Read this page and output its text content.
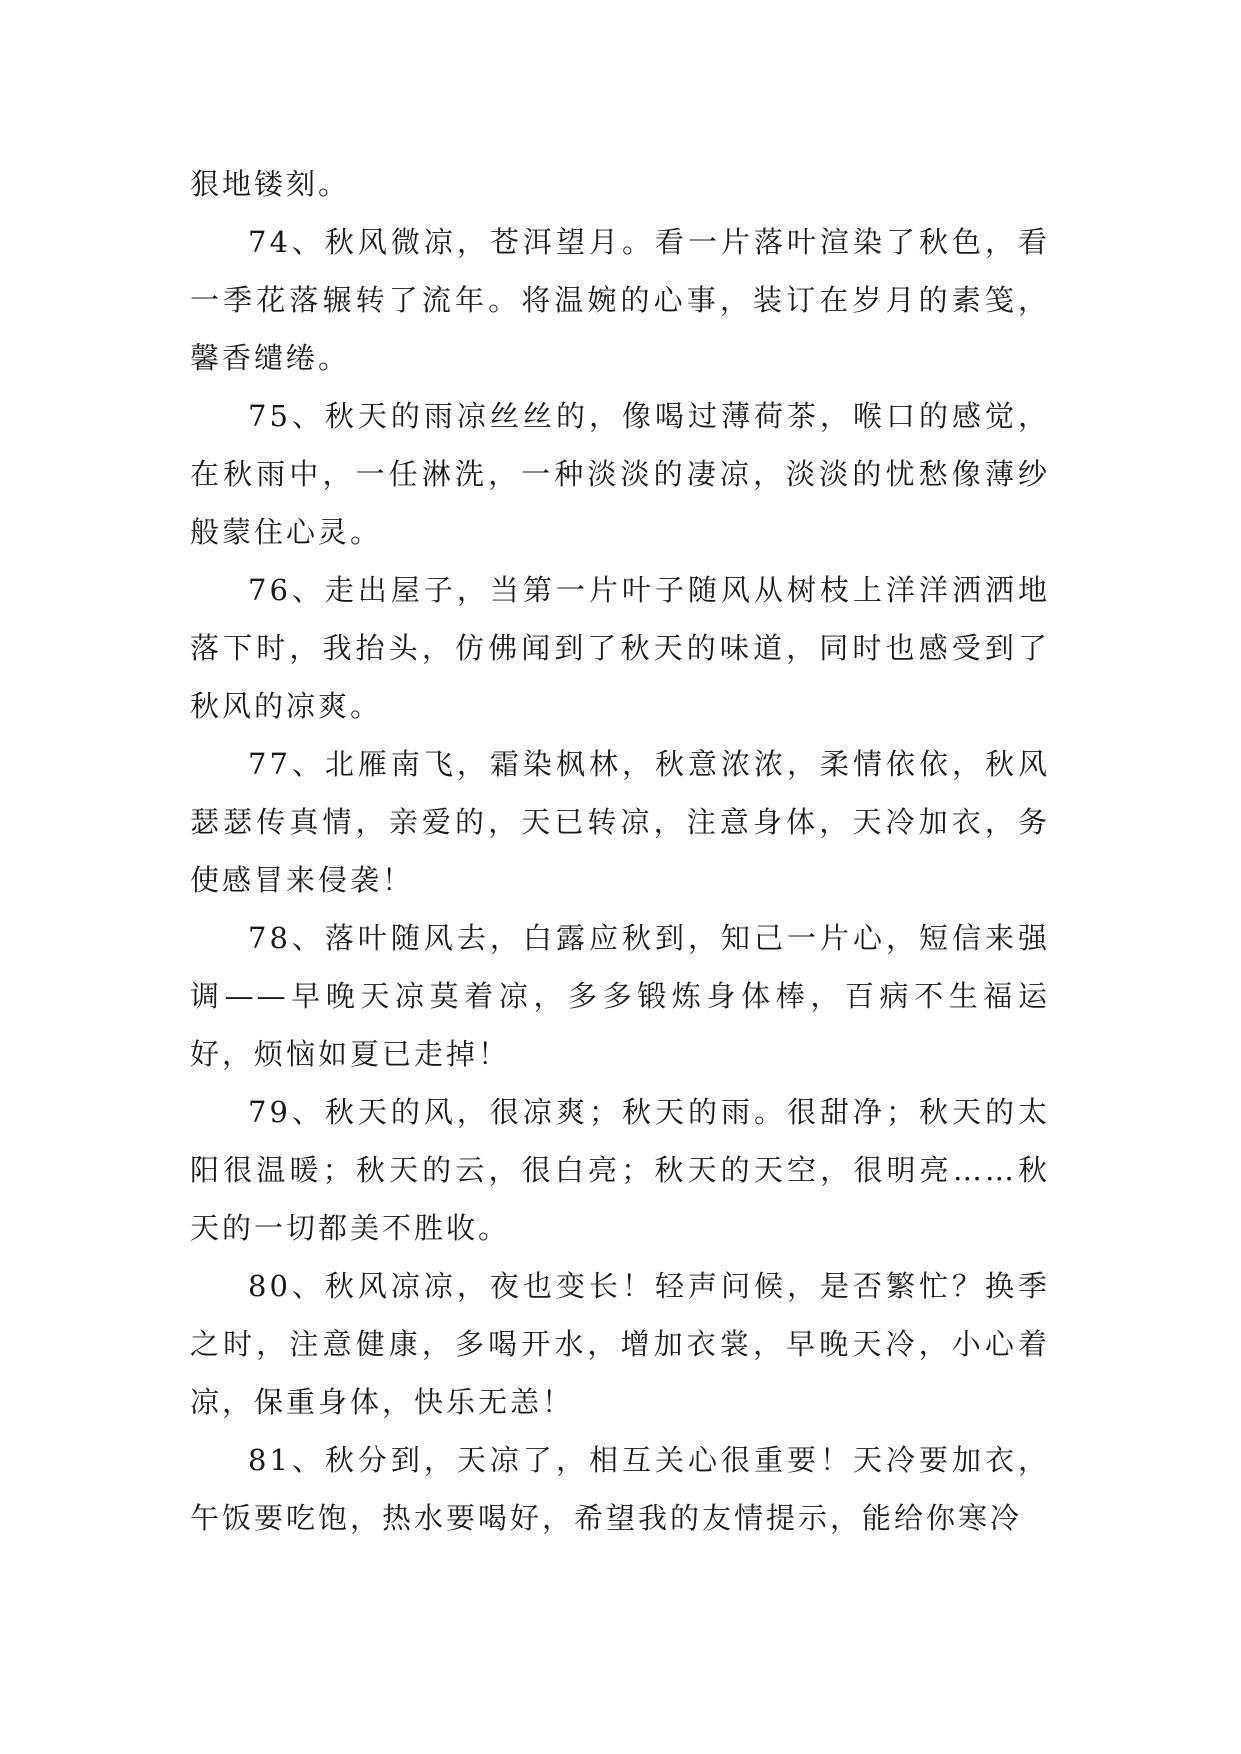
狠地镂刻。

74、秋风微凉，苍洱望月。看一片落叶渲染了秋色，看一季花落辗转了流年。将温婉的心事，装订在岁月的素笺，馨香缱绻。

75、秋天的雨凉丝丝的，像喝过薄荷茶，喉口的感觉，在秋雨中，一任淋洗，一种淡淡的凄凉，淡淡的忧愁像薄纱般蒙住心灵。

76、走出屋子，当第一片叶子随风从树枝上洋洋洒洒地落下时，我抬头，仿佛闻到了秋天的味道，同时也感受到了秋风的凉爽。

77、北雁南飞，霜染枫林，秋意浓浓，柔情依依，秋风瑟瑟传真情，亲爱的，天已转凉，注意身体，天冷加衣，务使感冒来侵袭！

78、落叶随风去，白露应秋到，知己一片心，短信来强调——早晚天凉莫着凉，多多锻炼身体棒，百病不生福运好，烦恼如夏已走掉！

79、秋天的风，很凉爽；秋天的雨。很甜净；秋天的太阳很温暖；秋天的云，很白亮；秋天的天空，很明亮……秋天的一切都美不胜收。

80、秋风凉凉，夜也变长！轻声问候，是否繁忙？换季之时，注意健康，多喝开水，增加衣裳，早晚天冷，小心着凉，保重身体，快乐无恙！

81、秋分到，天凉了，相互关心很重要！天冷要加衣，午饭要吃饱，热水要喝好，希望我的友情提示，能给你寒冷
